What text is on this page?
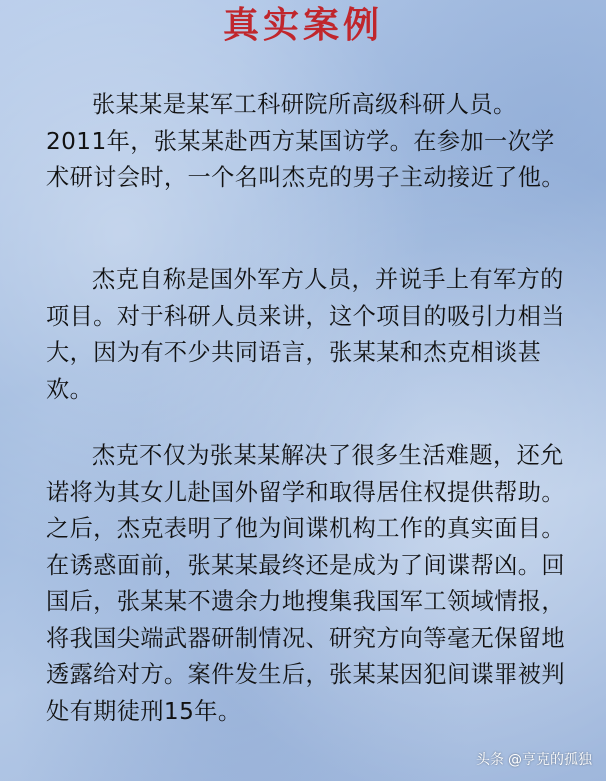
真实案例

张某某是某军工科研院所高级科研人员。2011年，张某某赴西方某国访学。在参加一次学术研讨会时，一个名叫杰克的男子主动接近了他。

杰克自称是国外军方人员，并说手上有军方的项目。对于科研人员来讲，这个项目的吸引力相当大，因为有不少共同语言，张某某和杰克相谈甚欢。

杰克不仅为张某某解决了很多生活难题，还允诺将为其女儿赴国外留学和取得居住权提供帮助。之后，杰克表明了他为间谍机构工作的真实面目。在诱惑面前，张某某最终还是成为了间谍帮凶。回国后，张某某不遗余力地搜集我国军工领域情报，将我国尖端武器研制情况、研究方向等毫无保留地透露给对方。案件发生后，张某某因犯间谍罪被判处有期徒刑15年。

头条 @亨克的孤独
